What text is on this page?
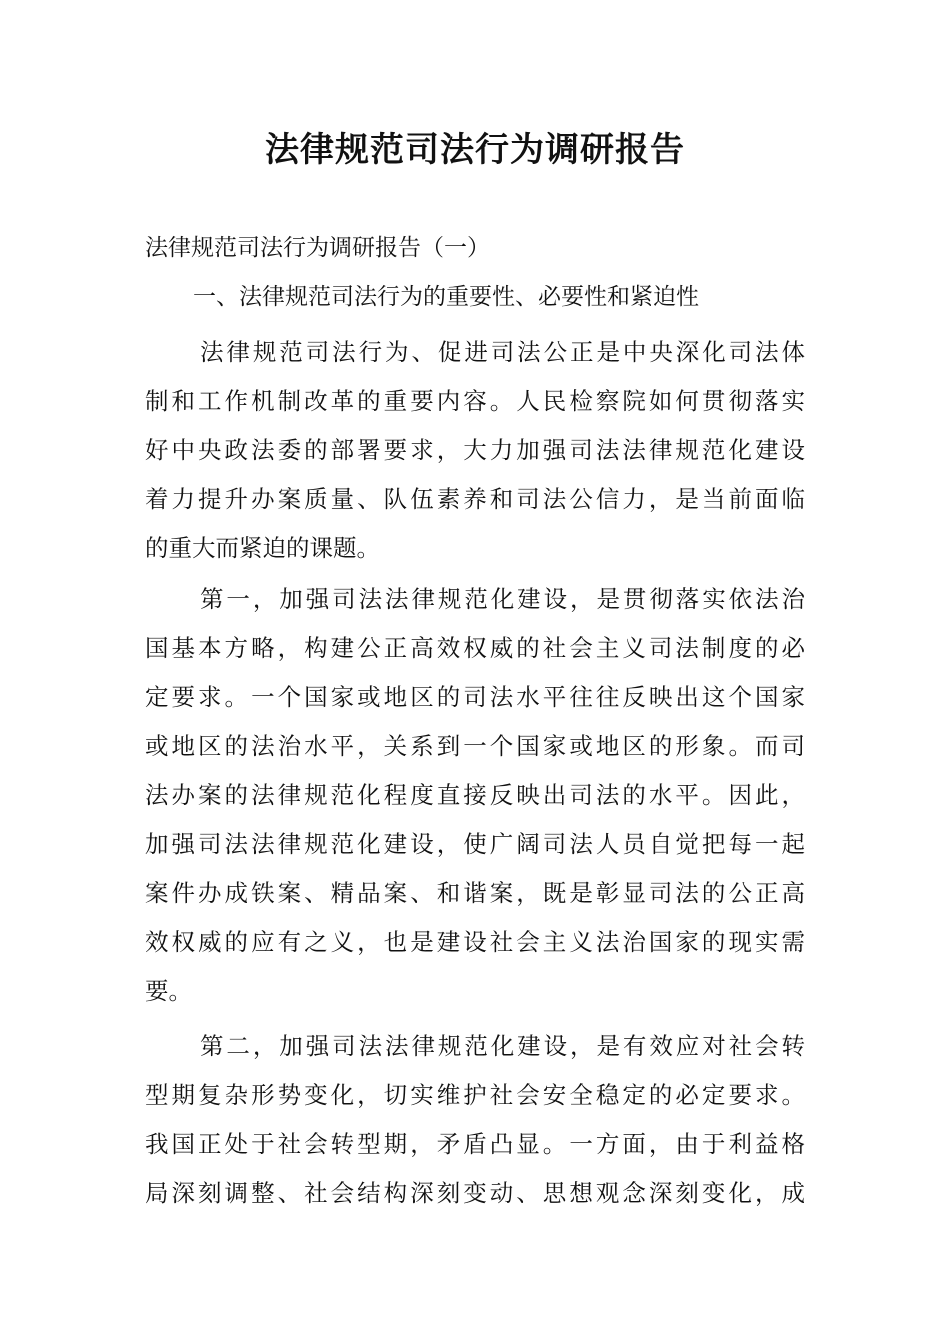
法律规范司法行为调研报告

法律规范司法行为调研报告（一）

一、法律规范司法行为的重要性、必要性和紧迫性

法律规范司法行为、促进司法公正是中央深化司法体
制和工作机制改革的重要内容。人民检察院如何贯彻落实
好中央政法委的部署要求，大力加强司法法律规范化建设
着力提升办案质量、队伍素养和司法公信力，是当前面临
的重大而紧迫的课题。
第一，加强司法法律规范化建设，是贯彻落实依法治
国基本方略，构建公正高效权威的社会主义司法制度的必
定要求。一个国家或地区的司法水平往往反映出这个国家
或地区的法治水平，关系到一个国家或地区的形象。而司
法办案的法律规范化程度直接反映出司法的水平。因此，
加强司法法律规范化建设，使广阔司法人员自觉把每一起
案件办成铁案、精品案、和谐案，既是彰显司法的公正高
效权威的应有之义，也是建设社会主义法治国家的现实需
要。
第二，加强司法法律规范化建设，是有效应对社会转
型期复杂形势变化，切实维护社会安全稳定的必定要求。
我国正处于社会转型期，矛盾凸显。一方面，由于利益格
局深刻调整、社会结构深刻变动、思想观念深刻变化，成
